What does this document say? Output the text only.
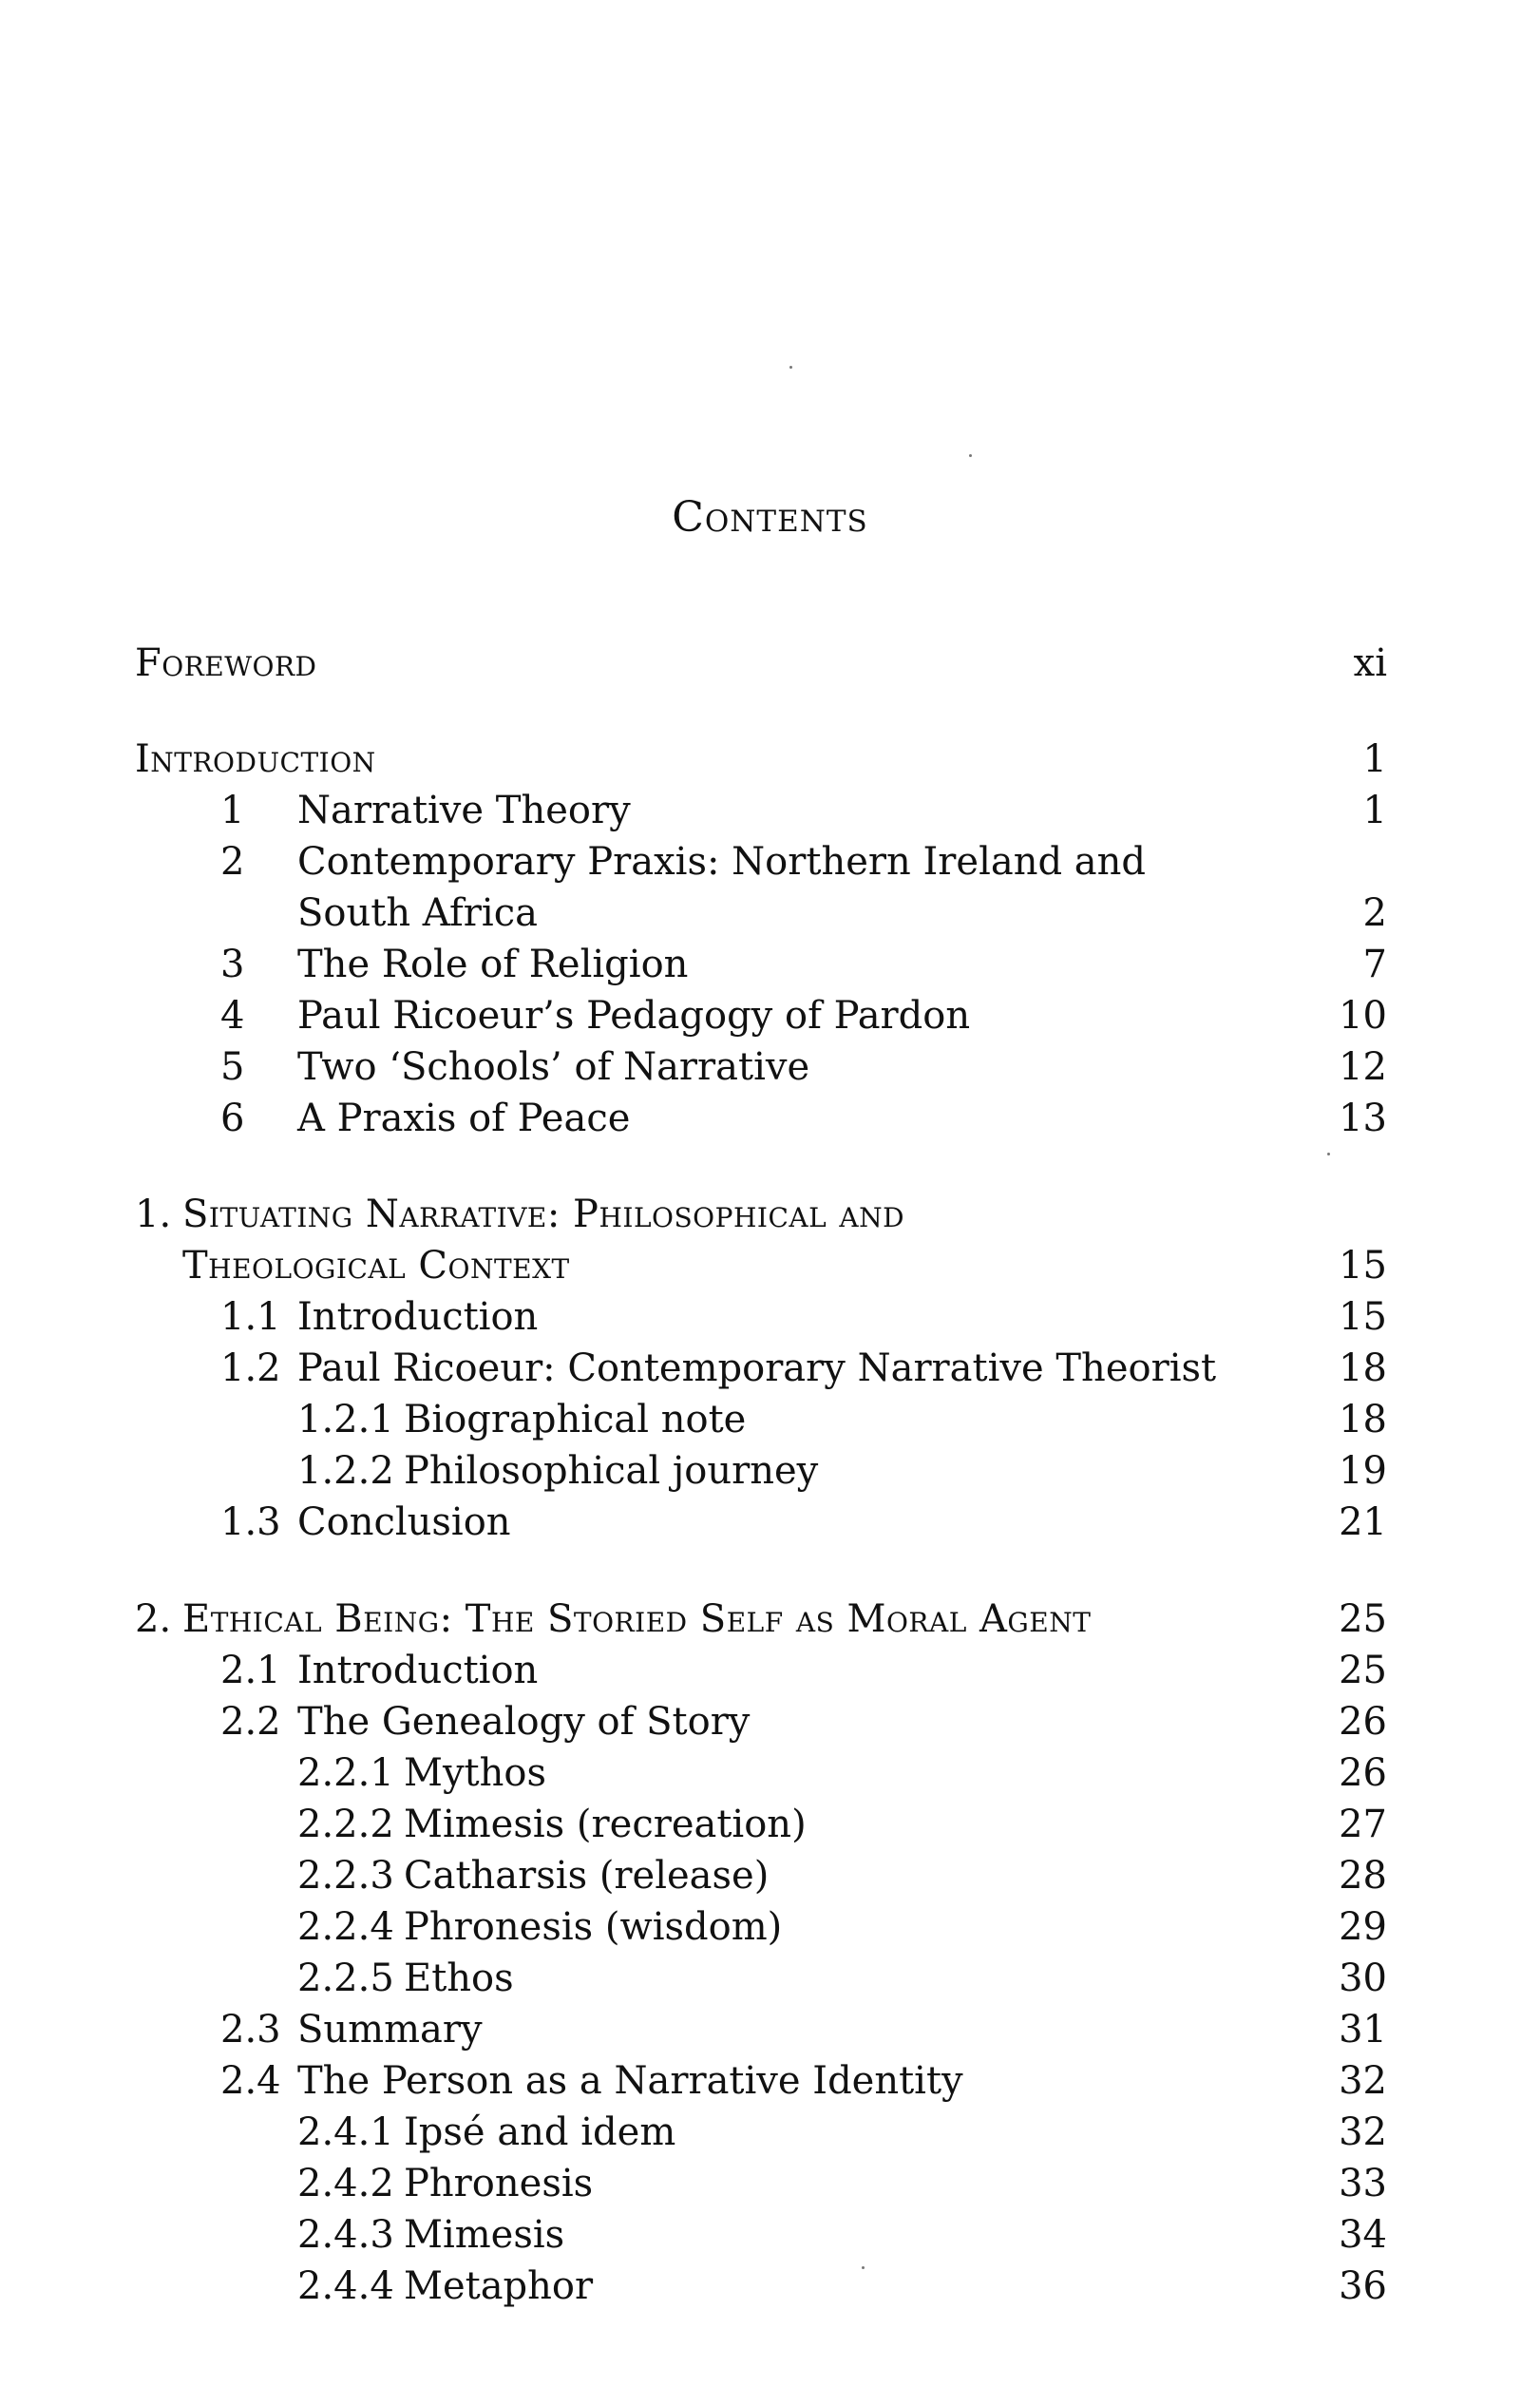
Contents
Foreword	xi
Introduction	1
1 Narrative Theory	1
2 Contemporary Praxis: Northern Ireland and
South Africa	2
3 The Role of Religion	7
4 Paul Ricoeur’s Pedagogy of Pardon	10
5 Two ‘Schools’ of Narrative	12
6 A Praxis of Peace	13
1. Situating Narrative: Philosophical and
Theological Context	15
1.1 Introduction	15
1.2 Paul Ricoeur: Contemporary Narrative Theorist	18
1.2.1 Biographical note	18
1.2.2 Philosophical journey	19
1.3 Conclusion	21
2. Ethical Being: The Storied Self as Moral Agent	25
2.1 Introduction	25
2.2 The Genealogy of Story	26
2.2.1 Mythos	26
2.2.2 Mimesis (recreation)	27
2.2.3 Catharsis (release)	28
2.2.4 Phronesis (wisdom)	29
2.2.5 Ethos	30
2.3 Summary	31
2.4 The Person as a Narrative Identity	32
2.4.1 Ipsé and idem	32
2.4.2 Phronesis	33
2.4.3 Mimesis	34
2.4.4 Metaphor	36
